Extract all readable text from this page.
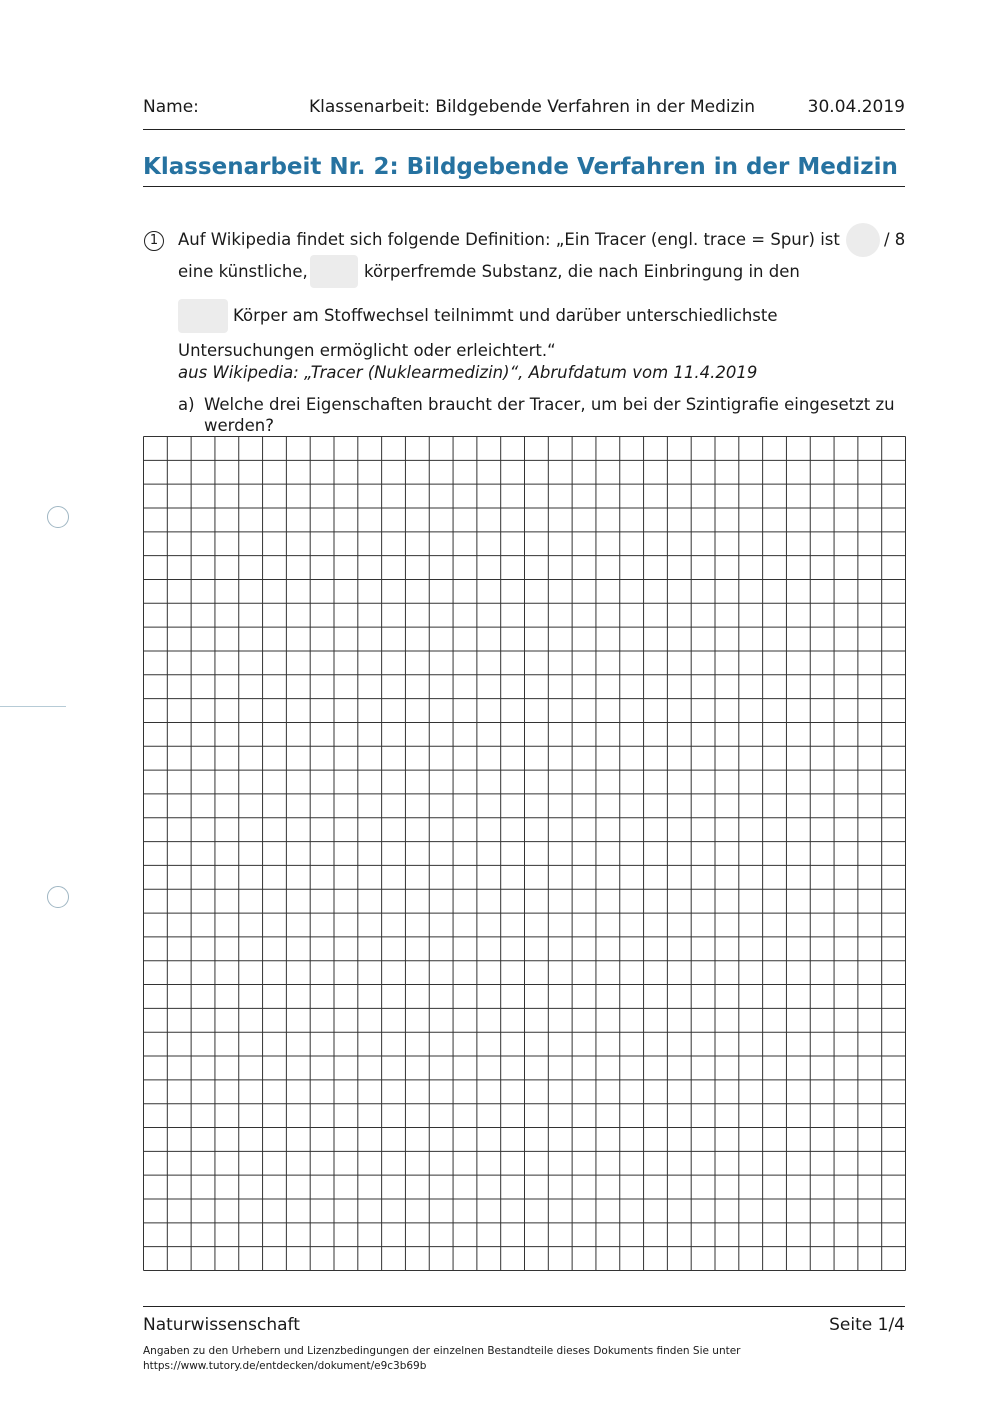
Name:	Klassenarbeit: Bildgebende Verfahren in der Medizin	30.04.2019
Klassenarbeit Nr. 2: Bildgebende Verfahren in der Medizin
1	Auf Wikipedia findet sich folgende Definition: „Ein Tracer (engl. trace = Spur) ist	/ 8
eine künstliche,	körperfremde Substanz, die nach Einbringung in den
Körper am Stoffwechsel teilnimmt und darüber unterschiedlichste
Untersuchungen ermöglicht oder erleichtert.“
aus Wikipedia: „Tracer (Nuklearmedizin)“, Abrufdatum vom 11.4.2019
a) Welche drei Eigenschaften braucht der Tracer, um bei der Szintigrafie eingesetzt zu
werden?
Naturwissenschaft	Seite 1/4
Angaben zu den Urhebern und Lizenzbedingungen der einzelnen Bestandteile dieses Dokuments finden Sie unter
https://www.tutory.de/entdecken/dokument/e9c3b69b
